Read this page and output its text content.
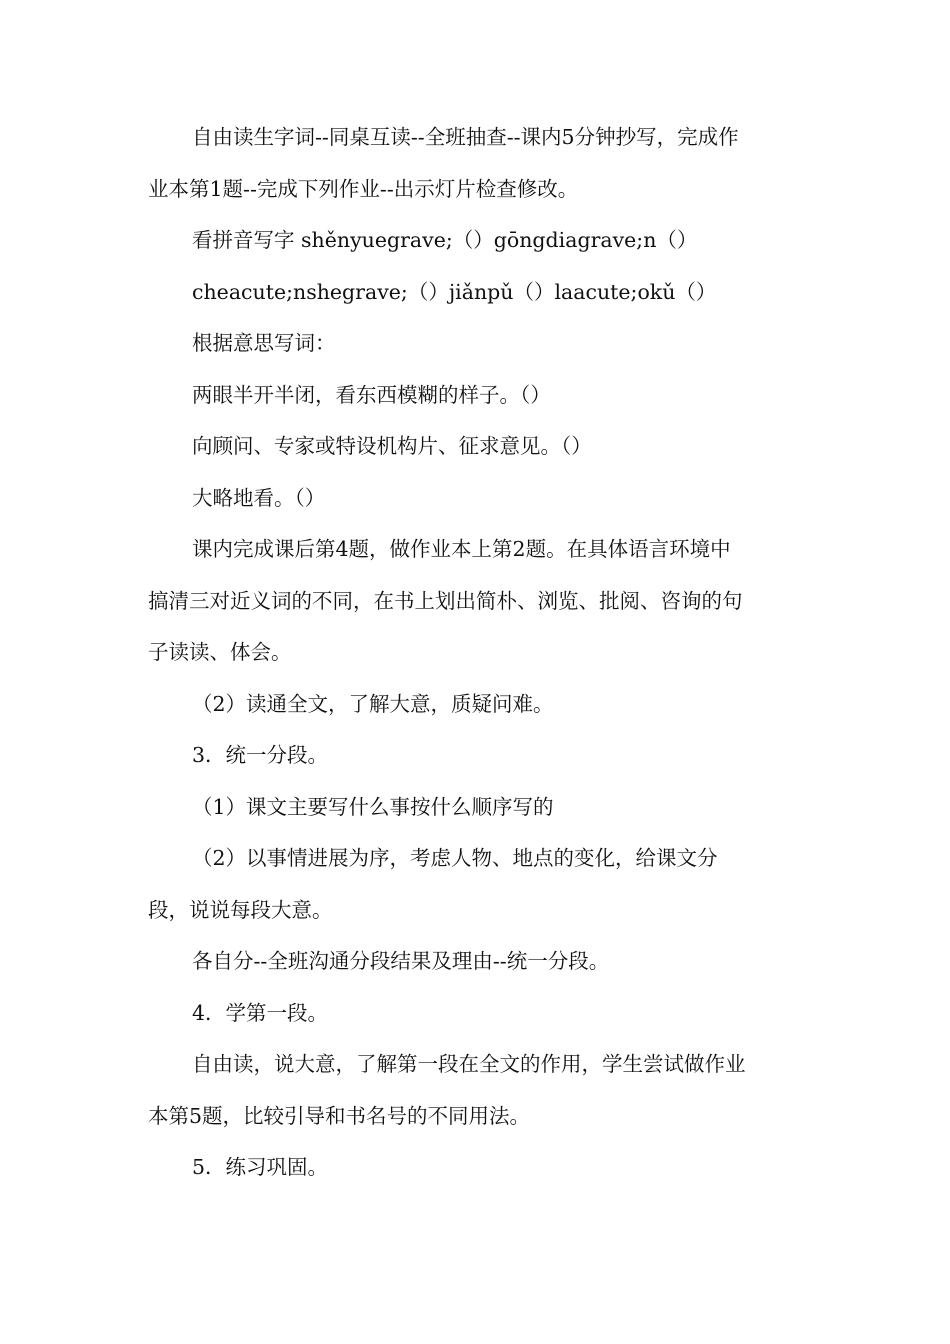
自由读生字词--同桌互读--全班抽查--课内5分钟抄写，完成作
业本第1题--完成下列作业--出示灯片检查修改。
看拼音写字 shěnyuegrave;（）gōngdiagrave;n（）
cheacute;nshegrave;（）jiǎnpǔ（）laacute;okǔ（）
根据意思写词：
两眼半开半闭，看东西模糊的样子。（）
向顾问、专家或特设机构片、征求意见。（）
大略地看。（）
课内完成课后第4题，做作业本上第2题。在具体语言环境中
搞清三对近义词的不同，在书上划出简朴、浏览、批阅、咨询的句
子读读、体会。
（2）读通全文，了解大意，质疑问难。
3．统一分段。
（1）课文主要写什么事按什么顺序写的
（2）以事情进展为序，考虑人物、地点的变化，给课文分
段，说说每段大意。
各自分--全班沟通分段结果及理由--统一分段。
4．学第一段。
自由读，说大意，了解第一段在全文的作用，学生尝试做作业
本第5题，比较引导和书名号的不同用法。
5．练习巩固。
